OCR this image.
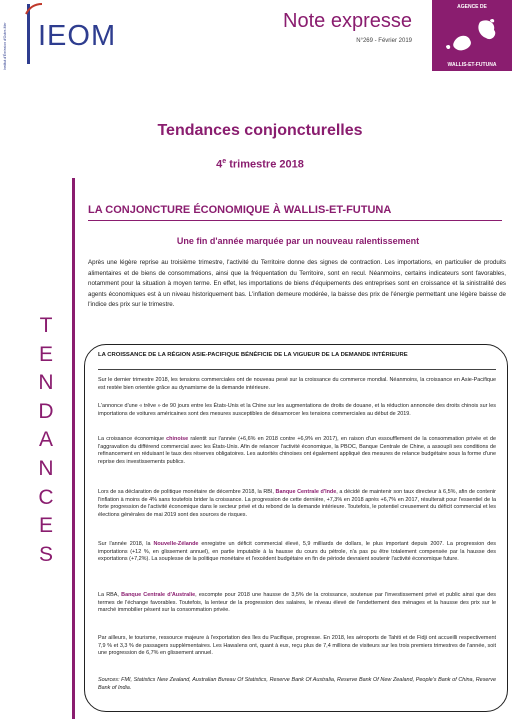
IEOM
Institut d'Émission d'Outre-Mer
Note expresse
N°269 - Février 2019
AGENCE DE
WALLIS-ET-FUTUNA
Tendances conjoncturelles
4e trimestre 2018
T
E
N
D
A
N
C
E
S
LA CONJONCTURE ÉCONOMIQUE À WALLIS-ET-FUTUNA
Une fin d'année marquée par un nouveau ralentissement
Après une légère reprise au troisième trimestre, l'activité du Territoire donne des signes de contraction. Les importations, en particulier de produits alimentaires et de biens de consommations, ainsi que la fréquentation du Territoire, sont en recul. Néanmoins, certains indicateurs sont favorables, notamment pour la situation à moyen terme. En effet, les importations de biens d'équipements des entreprises sont en croissance et la sinistralité des agents économiques est à un niveau historiquement bas. L'inflation demeure modérée, la baisse des prix de l'énergie permettant une légère baisse de l'indice des prix sur le trimestre.
LA CROISSANCE DE LA RÉGION ASIE-PACIFIQUE BÉNÉFICIE DE LA VIGUEUR DE LA DEMANDE INTÉRIEURE
Sur le dernier trimestre 2018, les tensions commerciales ont de nouveau pesé sur la croissance du commerce mondial. Néanmoins, la croissance en Asie-Pacifique est restée bien orientée grâce au dynamisme de la demande intérieure.
L'annonce d'une « trêve » de 90 jours entre les États-Unis et la Chine sur les augmentations de droits de douane, et la réduction annoncée des droits chinois sur les importations de voitures américaines sont des mesures susceptibles de désamorcer les tensions commerciales au début de 2019.
La croissance économique chinoise ralentit sur l'année (+6,6% en 2018 contre +6,9% en 2017), en raison d'un essoufflement de la consommation privée et de l'aggravation du différend commercial avec les États-Unis. Afin de relancer l'activité économique, la PBOC, Banque Centrale de Chine, a assoupli ses conditions de refinancement en réduisant le taux des réserves obligatoires. Les autorités chinoises ont également appliqué des mesures de relance budgétaire sous la forme d'une reprise des investissements publics.
Lors de sa déclaration de politique monétaire de décembre 2018, la RBI, Banque Centrale d'Inde, a décidé de maintenir son taux directeur à 6,5%, afin de contenir l'inflation à moins de 4% sans toutefois brider la croissance. La progression de cette dernière, +7,3% en 2018 après +6,7% en 2017, résulterait pour l'essentiel de la forte progression de l'activité économique dans le secteur privé et du rebond de la demande intérieure. Toutefois, le potentiel creusement du déficit commercial et les élections générales de mai 2019 sont des sources de risques.
Sur l'année 2018, la Nouvelle-Zélande enregistre un déficit commercial élevé, 5,9 milliards de dollars, le plus important depuis 2007. La progression des importations (+12 %, en glissement annuel), en partie imputable à la hausse du cours du pétrole, n'a pas pu être totalement compensée par la hausse des exportations (+7,2%). La souplesse de la politique monétaire et l'excédent budgétaire en fin de période devraient soutenir l'activité économique future.
La RBA, Banque Centrale d'Australie, escompte pour 2018 une hausse de 3,5% de la croissance, soutenue par l'investissement privé et public ainsi que des termes de l'échange favorables. Toutefois, la lenteur de la progression des salaires, le niveau élevé de l'endettement des ménages et la hausse des prix sur le marché immobilier pèsent sur la consommation privée.
Par ailleurs, le tourisme, ressource majeure à l'exportation des îles du Pacifique, progresse. En 2018, les aéroports de Tahiti et de Fidji ont accueilli respectivement 7,9 % et 3,3 % de passagers supplémentaires. Les Hawaïens ont, quant à eux, reçu plus de 7,4 millions de visiteurs sur les trois premiers trimestres de l'année, soit une progression de 6,7% en glissement annuel.
Sources: FMI, Statistics New Zealand, Australian Bureau Of Statistics, Reserve Bank Of Australia, Reserve Bank Of New Zealand, People's Bank of China, Reserve Bank of India.
